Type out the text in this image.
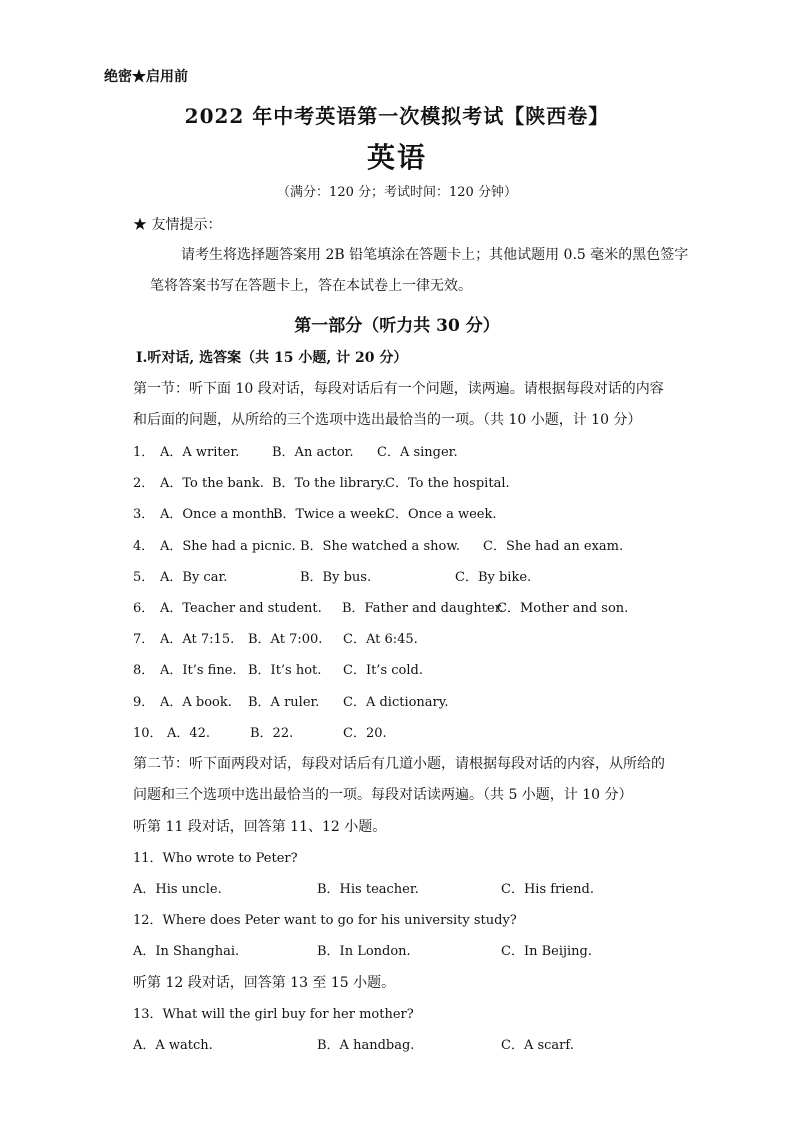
绝密★启用前
2022 年中考英语第一次模拟考试【陕西卷】
英语
（满分：120 分；考试时间：120 分钟）
★ 友情提示：
请考生将选择题答案用 2B 铅笔填涂在答题卡上；其他试题用 0.5 毫米的黑色签字
笔将答案书写在答题卡上，答在本试卷上一律无效。
第一部分（听力共 30 分）
Ⅰ.听对话, 选答案（共 15 小题, 计 20 分）
第一节：听下面 10 段对话，每段对话后有一个问题，读两遍。请根据每段对话的内容
和后面的问题，从所给的三个选项中选出最恰当的一项。（共 10 小题，计 10 分）
1． A．A writer.	B．An actor. C．A singer.
2． A．To the bank. B．To the library.
C．To the hospital.
3． A．Once a month.
B．Twice a week.
C．Once a week.
4． A．She had a picnic. B．She watched a show. C．She had an exam.
5． A．By car.	B．By bus.	C．By bike.
6． A．Teacher and student. B．Father and daughter.
C．Mother and son.
7． A．At 7:15. B．At 7:00. C．At 6:45.
8． A．It’s fine. B．It’s hot. C．It’s cold.
9． A．A book. B．A ruler. C．A dictionary.
10． A．42.	B．22.	C．20.
第二节：听下面两段对话，每段对话后有几道小题，请根据每段对话的内容，从所给的
问题和三个选项中选出最恰当的一项。每段对话读两遍。（共 5 小题，计 10 分）
听第 11 段对话，回答第 11、12 小题。
11．Who wrote to Peter?
A．His uncle.	B．His teacher.	C．His friend.
12．Where does Peter want to go for his university study?
A．In Shanghai.	B．In London.	C．In Beijing.
听第 12 段对话，回答第 13 至 15 小题。
13．What will the girl buy for her mother?
A．A watch.	B．A handbag.	C．A scarf.
